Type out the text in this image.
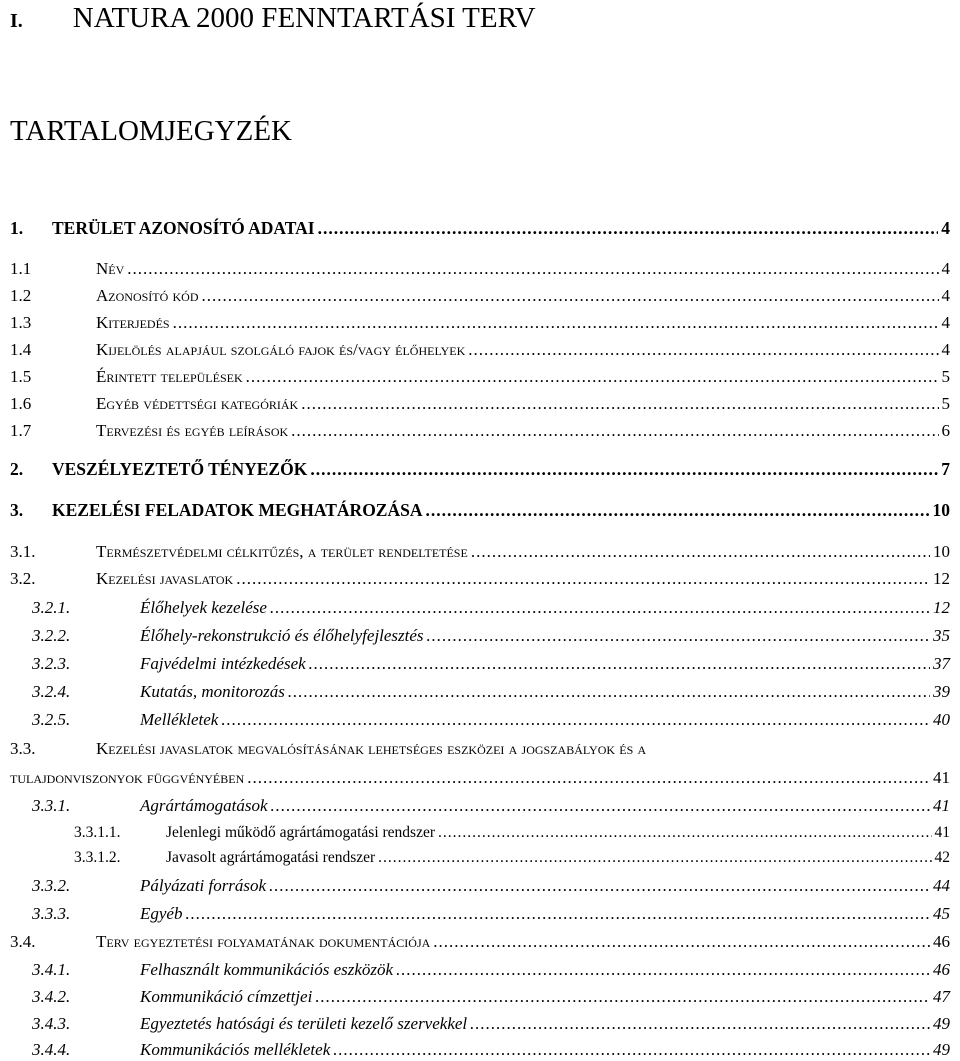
I. NATURA 2000 FENNTARTÁSI TERV
TARTALOMJEGYZÉK
1.	TERÜLET AZONOSÍTÓ ADATAI .....	4
1.1	Név .....	4
1.2	Azonosító kód .....	4
1.3	Kiterjedés .....	4
1.4	Kijelölés alapjául szolgáló fajok és/vagy élőhelyek .....	4
1.5	Érintett települések .....	5
1.6	Egyéb védettségi kategóriák .....	5
1.7	Tervezési és egyéb leírások .....	6
2.	VESZÉLYEZTETŐ TÉNYEZŐK .....	7
3.	KEZELÉSI FELADATOK MEGHATÁROZÁSA .....	10
3.1.	Természetvédelmi célkitűzés, a terület rendeltetése .....	10
3.2.	Kezelési javaslatok .....	12
3.2.1.	Élőhelyek kezelése .....	12
3.2.2.	Élőhely-rekonstrukció és élőhelyfejlesztés .....	35
3.2.3.	Fajvédelmi intézkedések .....	37
3.2.4.	Kutatás, monitorozás .....	39
3.2.5.	Mellékletek .....	40
3.3.	Kezelési javaslatok megvalósításának lehetséges eszközei a jogszabályok és a
tulajdonviszonyok függvényében .....	41
3.3.1.	Agrártámogatások .....	41
3.3.1.1.	Jelenlegi működő agrártámogatási rendszer .....	41
3.3.1.2.	Javasolt agrártámogatási rendszer .....	42
3.3.2.	Pályázati források .....	44
3.3.3.	Egyéb .....	45
3.4.	Terv egyeztetési folyamatának dokumentációja .....	46
3.4.1.	Felhasznált kommunikációs eszközök .....	46
3.4.2.	Kommunikáció címzettjei .....	47
3.4.3.	Egyeztetés hatósági és területi kezelő szervekkel .....	49
3.4.4.	Kommunikációs mellékletek .....	49
